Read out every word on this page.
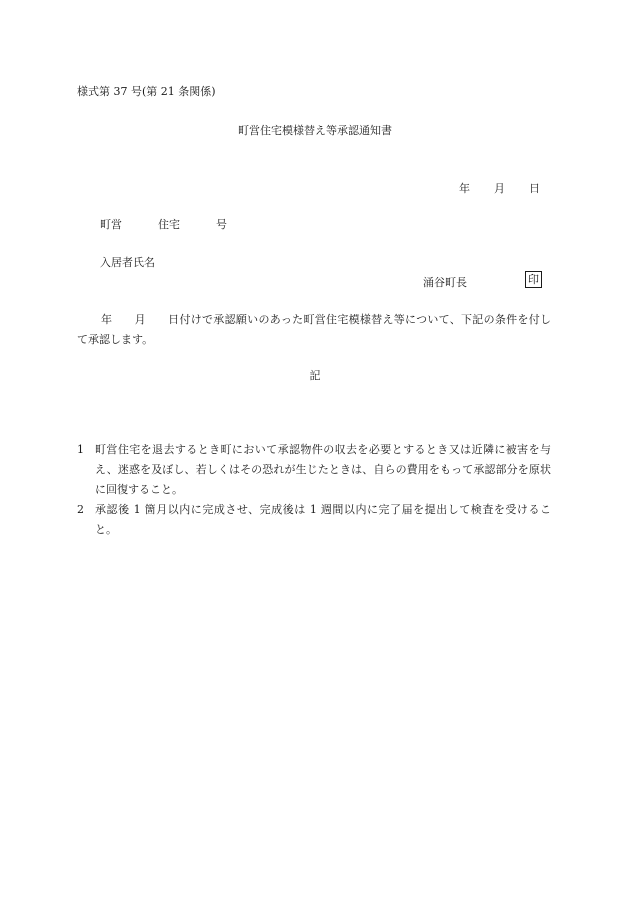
様式第 37 号(第 21 条関係)
町営住宅模様替え等承認通知書
年 月 日
町営	住宅	号
入居者氏名
涌谷町長	印
年 月 日付けで承認願いのあった町営住宅模様替え等について、下記の条件を付して承認します。
記
1	町営住宅を退去するとき町において承認物件の収去を必要とするとき又は近隣に被害を与え、迷惑を及ぼし、若しくはその恐れが生じたときは、自らの費用をもって承認部分を原状に回復すること。
2	承認後 1 箇月以内に完成させ、完成後は 1 週間以内に完了届を提出して検査を受けること。
